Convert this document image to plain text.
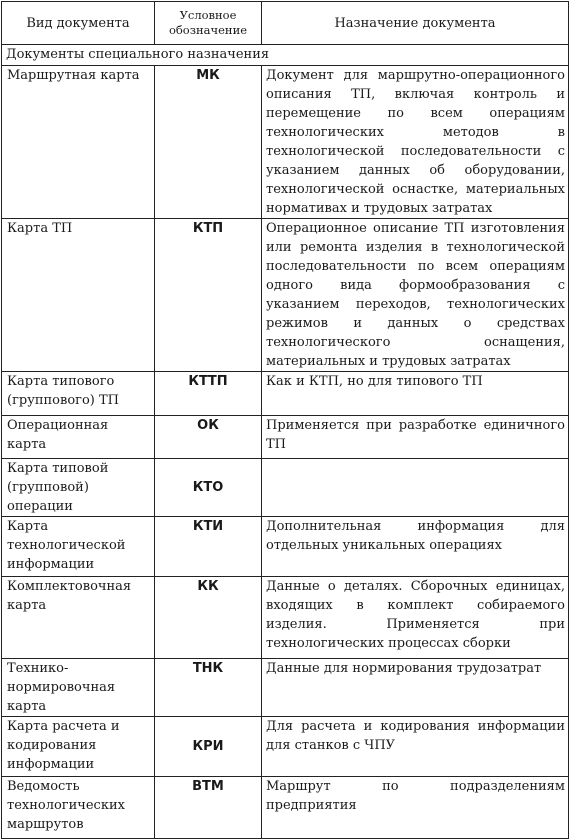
Вид документа	Условное обозначение	Назначение документа
Документы специального назначения		
Маршрутная карта	МК	Документ для маршрутно-операционного описания ТП, включая контроль и перемещение по всем операциям технологических методов в технологической последовательности с указанием данных об оборудовании, технологической оснастке, материальных нормативах и трудовых затратах
Карта ТП	КТП	Операционное описание ТП изготовления или ремонта изделия в технологической последовательности по всем операциям одного вида формообразования с указанием переходов, технологических режимов и данных о средствах технологического оснащения, материальных и трудовых затратах
Карта типового (группового) ТП	КТТП	Как и КТП, но для типового ТП
Операционная карта	ОК	Применяется при разработке единичного ТП
Карта типовой (групповой) операции	КТО	
Карта технологической информации	КТИ	Дополнительная информация для отдельных уникальных операциях
Комплектовочная карта	КК	Данные о деталях. Сборочных единицах, входящих в комплект собираемого изделия. Применяется при технологических процессах сборки
Технико-нормировочная карта	ТНК	Данные для нормирования трудозатрат
Карта расчета и кодирования информации	КРИ	Для расчета и кодирования информации для станков с ЧПУ
Ведомость технологических маршрутов	ВТМ	Маршрут по подразделениям предприятия
